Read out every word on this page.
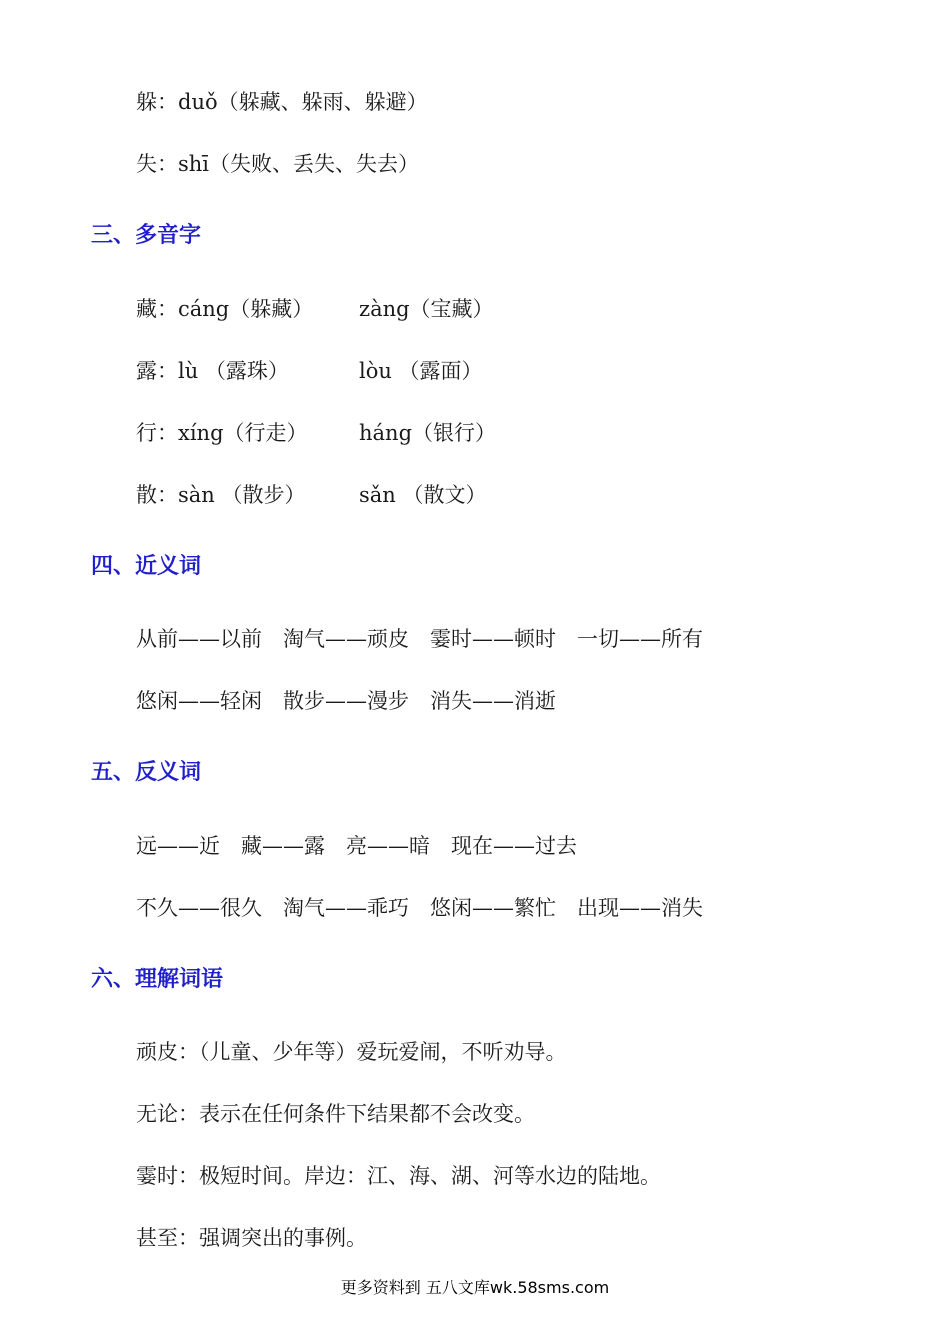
躲：duǒ（躲藏、躲雨、躲避）
失：shī（失败、丢失、失去）
三、多音字
藏：cáng（躲藏） zàng（宝藏）
露：lù （露珠）	lòu （露面）
行：xíng（行走） háng（银行）
散：sàn （散步）	sǎn （散文）
四、近义词
从前——以前　淘气——顽皮　霎时——顿时　一切——所有
悠闲——轻闲　散步——漫步　消失——消逝
五、反义词
远——近　藏——露　亮——暗　现在——过去
不久——很久　淘气——乖巧　悠闲——繁忙　出现——消失
六、理解词语
顽皮：（儿童、少年等）爱玩爱闹，不听劝导。
无论：表示在任何条件下结果都不会改变。
霎时：极短时间。岸边：江、海、湖、河等水边的陆地。
甚至：强调突出的事例。
更多资料到 五八文库wk.58sms.com
